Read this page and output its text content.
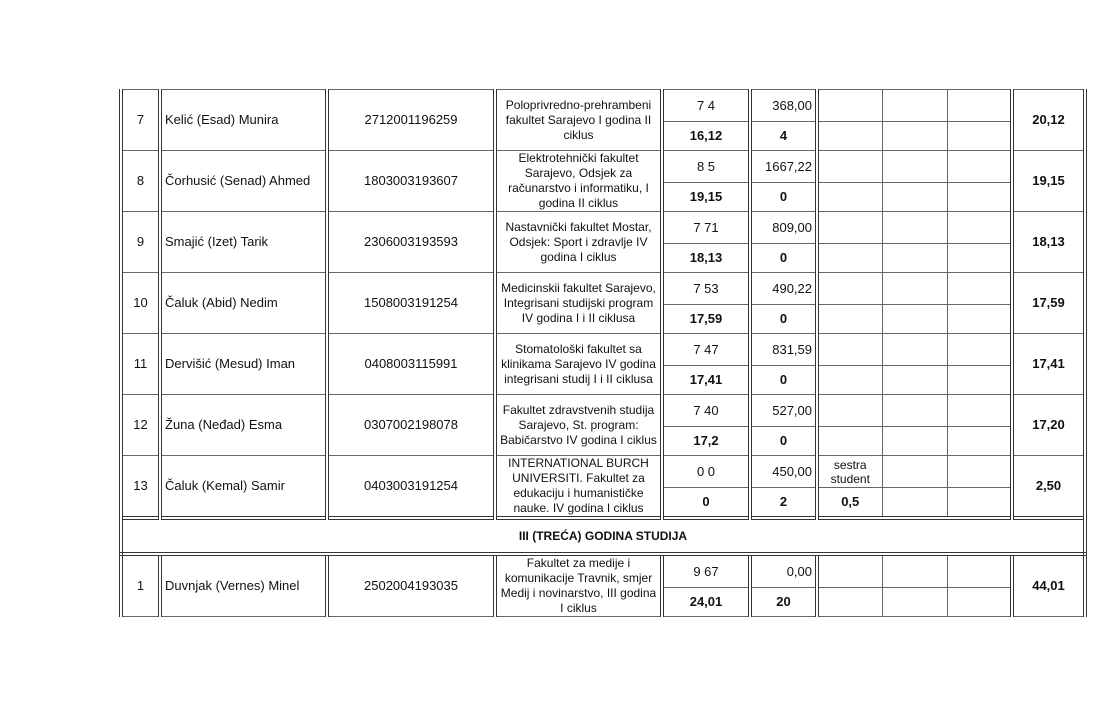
7	Kelić (Esad) Munira	2712001196259	Poloprivredno-prehrambeni fakultet Sarajevo I godina II ciklus	7 4	368,00				20,12
				16,12	4				
8	Čorhusić (Senad) Ahmed	1803003193607	Elektrotehnički fakultet Sarajevo, Odsjek za računarstvo i informatiku, I godina II ciklus	8 5	1667,22				19,15
				19,15	0				
9	Smajić (Izet) Tarik	2306003193593	Nastavnički fakultet Mostar, Odsjek: Sport i zdravlje IV godina I ciklus	7 71	809,00				18,13
				18,13	0				
10	Čaluk (Abid) Nedim	1508003191254	Medicinskii fakultet Sarajevo, Integrisani studijski program IV godina I i II ciklusa	7 53	490,22				17,59
				17,59	0				
11	Dervišić (Mesud) Iman	0408003115991	Stomatološki fakultet sa klinikama Sarajevo IV godina integrisani studij I i II ciklusa	7 47	831,59				17,41
				17,41	0				
12	Žuna (Neđad) Esma	0307002198078	Fakultet zdravstvenih studija Sarajevo, St. program: Babičarstvo IV godina I ciklus	7 40	527,00				17,20
				17,2	0				
13	Čaluk (Kemal) Samir	0403003191254	INTERNATIONAL BURCH UNIVERSITI. Fakultet za edukaciju i humanističke nauke. IV godina I ciklus	0 0	450,00	sestra student			2,50
				0	2	0,5			
III (TREĆA) GODINA STUDIJA									
1	Duvnjak (Vernes) Minel	2502004193035	Fakultet za medije i komunikacije Travnik, smjer Medij i novinarstvo, III godina I ciklus	9 67	0,00				44,01
				24,01	20				
